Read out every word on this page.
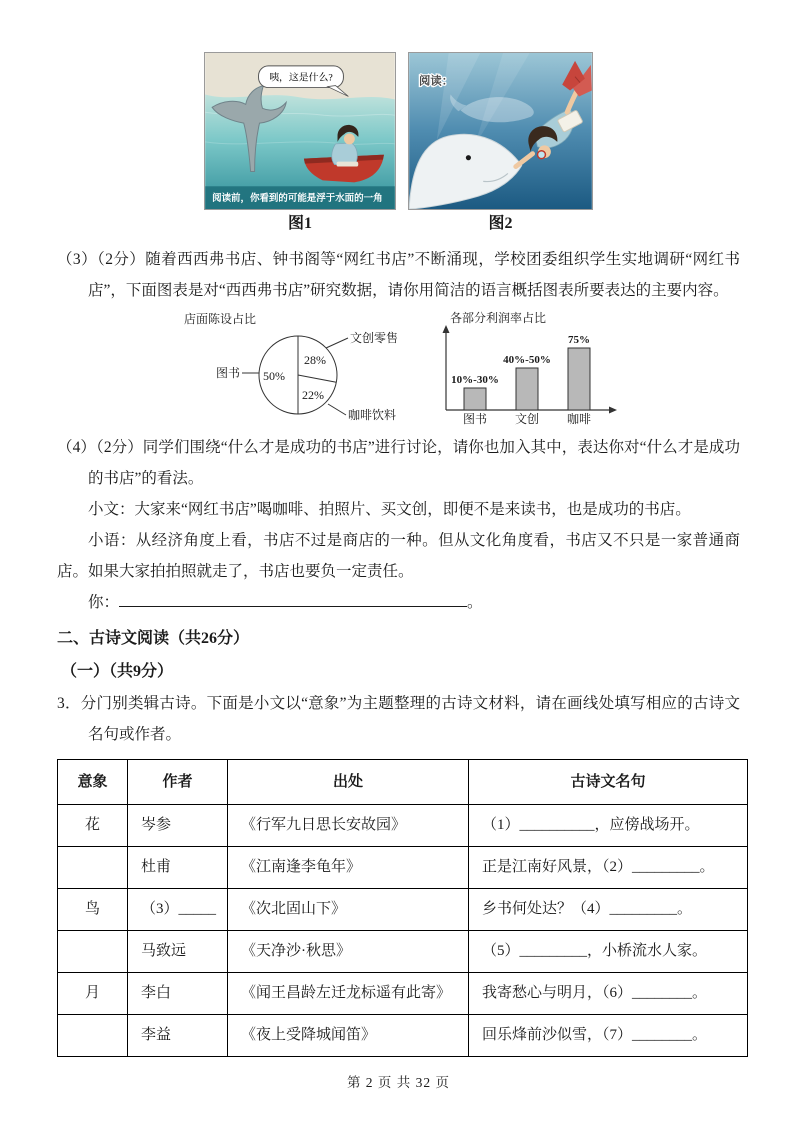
咦，这是什么?
阅读前，你看到的可能是浮于水面的一角
图1
阅读：
图2

（3）（2分）随着西西弗书店、钟书阁等“网红书店”不断涌现，学校团委组织学生实地调研“网红书店”，下面图表是对“西西弗书店”研究数据，请你用简洁的语言概括图表所要表达的主要内容。

店面陈设占比
50%
28%
22%
图书
文创零售
咖啡饮料
各部分利润率占比
10%-30%
40%-50%
75%
图书 文创 咖啡

（4）（2分）同学们围绕“什么才是成功的书店”进行讨论，请你也加入其中，表达你对“什么才是成功的书店”的看法。

小文：大家来“网红书店”喝咖啡、拍照片、买文创，即便不是来读书，也是成功的书店。

小语：从经济角度上看，书店不过是商店的一种。但从文化角度看，书店又不只是一家普通商店。如果大家拍拍照就走了，书店也要负一定责任。

你：	。

二、古诗文阅读（共26分）
（一）（共9分）

3．分门别类辑古诗。下面是小文以“意象”为主题整理的古诗文材料，请在画线处填写相应的古诗文名句或作者。

意象	作者	出处	古诗文名句
花	岑参	《行军九日思长安故园》	（1）__________，应傍战场开。
	杜甫	《江南逢李龟年》	正是江南好风景，（2）_________。
鸟	（3）_____	《次北固山下》	乡书何处达？（4）_________。
	马致远	《天净沙·秋思》	（5）_________，小桥流水人家。
月	李白	《闻王昌龄左迁龙标遥有此寄》	我寄愁心与明月，（6）________。
	李益	《夜上受降城闻笛》	回乐烽前沙似雪，（7）________。
第 2 页 共 32 页
